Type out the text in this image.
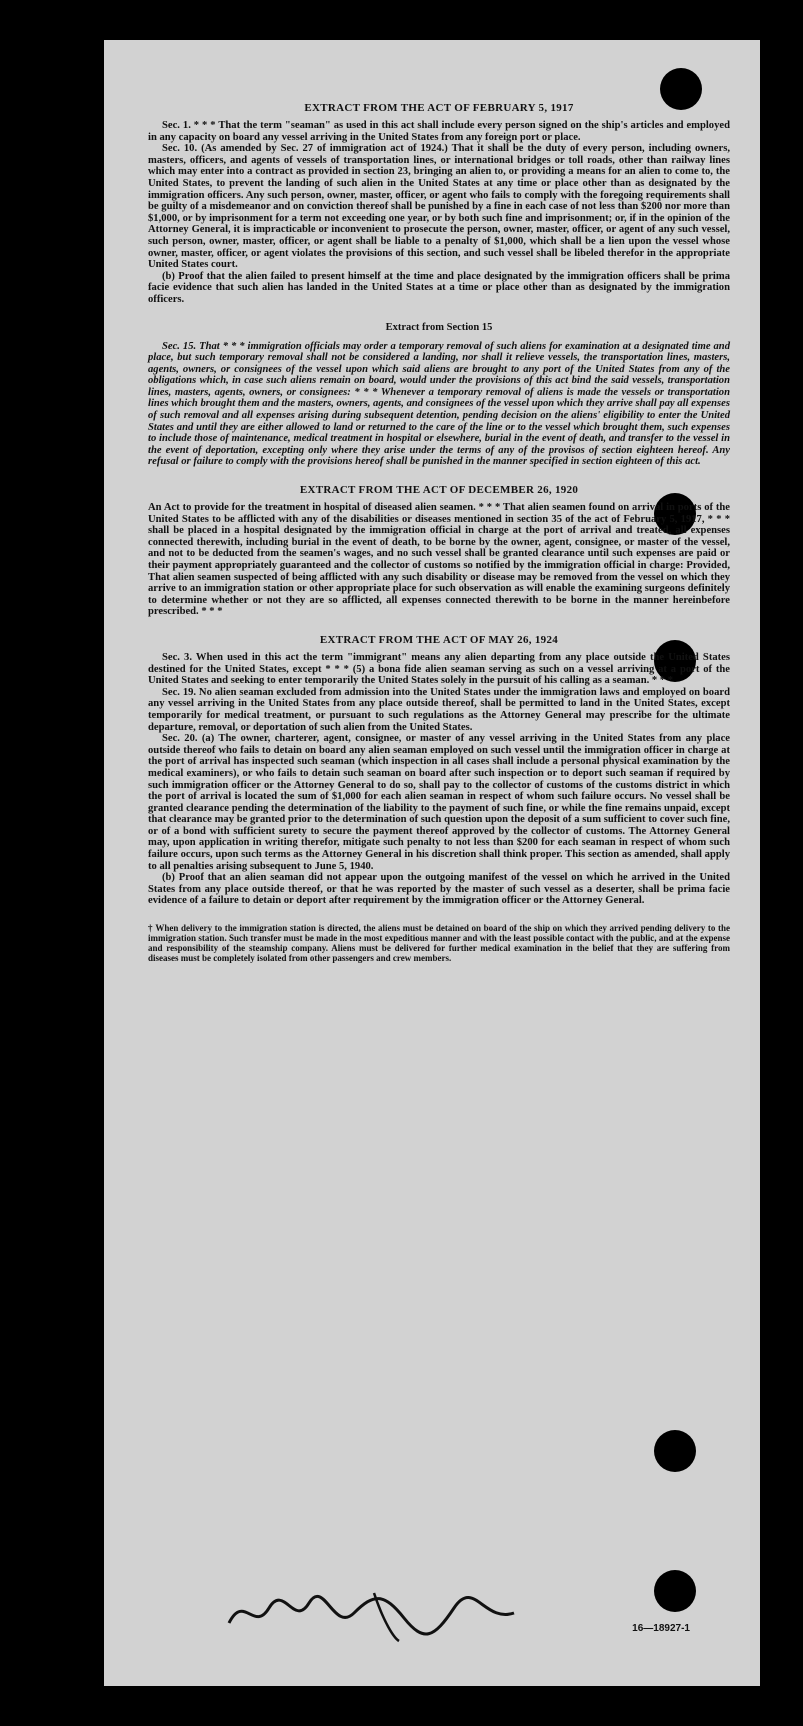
EXTRACT FROM THE ACT OF FEBRUARY 5, 1917

Sec. 1. * * * That the term "seaman" as used in this act shall include every person signed on the ship's articles and employed in any capacity on board any vessel arriving in the United States from any foreign port or place.

Sec. 10. (As amended by Sec. 27 of immigration act of 1924.) That it shall be the duty of every person, including owners, masters, officers, and agents of vessels of transportation lines, or international bridges or toll roads, other than railway lines which may enter into a contract as provided in section 23, bringing an alien to, or providing a means for an alien to come to, the United States, to prevent the landing of such alien in the United States at any time or place other than as designated by the immigration officers. Any such person, owner, master, officer, or agent who fails to comply with the foregoing requirements shall be guilty of a misdemeanor and on conviction thereof shall be punished by a fine in each case of not less than $200 nor more than $1,000, or by imprisonment for a term not exceeding one year, or by both such fine and imprisonment; or, if in the opinion of the Attorney General, it is impracticable or inconvenient to prosecute the person, owner, master, officer, or agent of any such vessel, such person, owner, master, officer, or agent shall be liable to a penalty of $1,000, which shall be a lien upon the vessel whose owner, master, officer, or agent violates the provisions of this section, and such vessel shall be libeled therefor in the appropriate United States court.

(b) Proof that the alien failed to present himself at the time and place designated by the immigration officers shall be prima facie evidence that such alien has landed in the United States at a time or place other than as designated by the immigration officers.

Extract from Section 15

Sec. 15. That * * * immigration officials may order a temporary removal of such aliens for examination at a designated time and place, but such temporary removal shall not be considered a landing, nor shall it relieve vessels, the transportation lines, masters, agents, owners, or consignees of the vessel upon which said aliens are brought to any port of the United States from any of the obligations which, in case such aliens remain on board, would under the provisions of this act bind the said vessels, transportation lines, masters, agents, owners, or consignees: * * * Whenever a temporary removal of aliens is made the vessels or transportation lines which brought them and the masters, owners, agents, and consignees of the vessel upon which they arrive shall pay all expenses of such removal and all expenses arising during subsequent detention, pending decision on the aliens' eligibility to enter the United States and until they are either allowed to land or returned to the care of the line or to the vessel which brought them, such expenses to include those of maintenance, medical treatment in hospital or elsewhere, burial in the event of death, and transfer to the vessel in the event of deportation, excepting only where they arise under the terms of any of the provisos of section eighteen hereof. Any refusal or failure to comply with the provisions hereof shall be punished in the manner specified in section eighteen of this act.

EXTRACT FROM THE ACT OF DECEMBER 26, 1920

An Act to provide for the treatment in hospital of diseased alien seamen. * * * That alien seamen found on arrival in ports of the United States to be afflicted with any of the disabilities or diseases mentioned in section 35 of the act of February 5, 1917, * * * shall be placed in a hospital designated by the immigration official in charge at the port of arrival and treated, all expenses connected therewith, including burial in the event of death, to be borne by the owner, agent, consignee, or master of the vessel, and not to be deducted from the seamen's wages, and no such vessel shall be granted clearance until such expenses are paid or their payment appropriately guaranteed and the collector of customs so notified by the immigration official in charge: Provided, That alien seamen suspected of being afflicted with any such disability or disease may be removed from the vessel on which they arrive to an immigration station or other appropriate place for such observation as will enable the examining surgeons definitely to determine whether or not they are so afflicted, all expenses connected therewith to be borne in the manner hereinbefore prescribed. * * *

EXTRACT FROM THE ACT OF MAY 26, 1924

Sec. 3. When used in this act the term "immigrant" means any alien departing from any place outside the United States destined for the United States, except * * * (5) a bona fide alien seaman serving as such on a vessel arriving at a port of the United States and seeking to enter temporarily the United States solely in the pursuit of his calling as a seaman. * * *

Sec. 19. No alien seaman excluded from admission into the United States under the immigration laws and employed on board any vessel arriving in the United States from any place outside thereof, shall be permitted to land in the United States, except temporarily for medical treatment, or pursuant to such regulations as the Attorney General may prescribe for the ultimate departure, removal, or deportation of such alien from the United States.

Sec. 20. (a) The owner, charterer, agent, consignee, or master of any vessel arriving in the United States from any place outside thereof who fails to detain on board any alien seaman employed on such vessel until the immigration officer in charge at the port of arrival has inspected such seaman (which inspection in all cases shall include a personal physical examination by the medical examiners), or who fails to detain such seaman on board after such inspection or to deport such seaman if required by such immigration officer or the Attorney General to do so, shall pay to the collector of customs of the customs district in which the port of arrival is located the sum of $1,000 for each alien seaman in respect of whom such failure occurs. No vessel shall be granted clearance pending the determination of the liability to the payment of such fine, or while the fine remains unpaid, except that clearance may be granted prior to the determination of such question upon the deposit of a sum sufficient to cover such fine, or of a bond with sufficient surety to secure the payment thereof approved by the collector of customs. The Attorney General may, upon application in writing therefor, mitigate such penalty to not less than $200 for each seaman in respect of whom such failure occurs, upon such terms as the Attorney General in his discretion shall think proper. This section as amended, shall apply to all penalties arising subsequent to June 5, 1940.

(b) Proof that an alien seaman did not appear upon the outgoing manifest of the vessel on which he arrived in the United States from any place outside thereof, or that he was reported by the master of such vessel as a deserter, shall be prima facie evidence of a failure to detain or deport after requirement by the immigration officer or the Attorney General.

† When delivery to the immigration station is directed, the aliens must be detained on board of the ship on which they arrived pending delivery to the immigration station. Such transfer must be made in the most expeditious manner and with the least possible contact with the public, and at the expense and responsibility of the steamship company. Aliens must be delivered for further medical examination in the belief that they are suffering from diseases must be completely isolated from other passengers and crew members.

16—18927-1
